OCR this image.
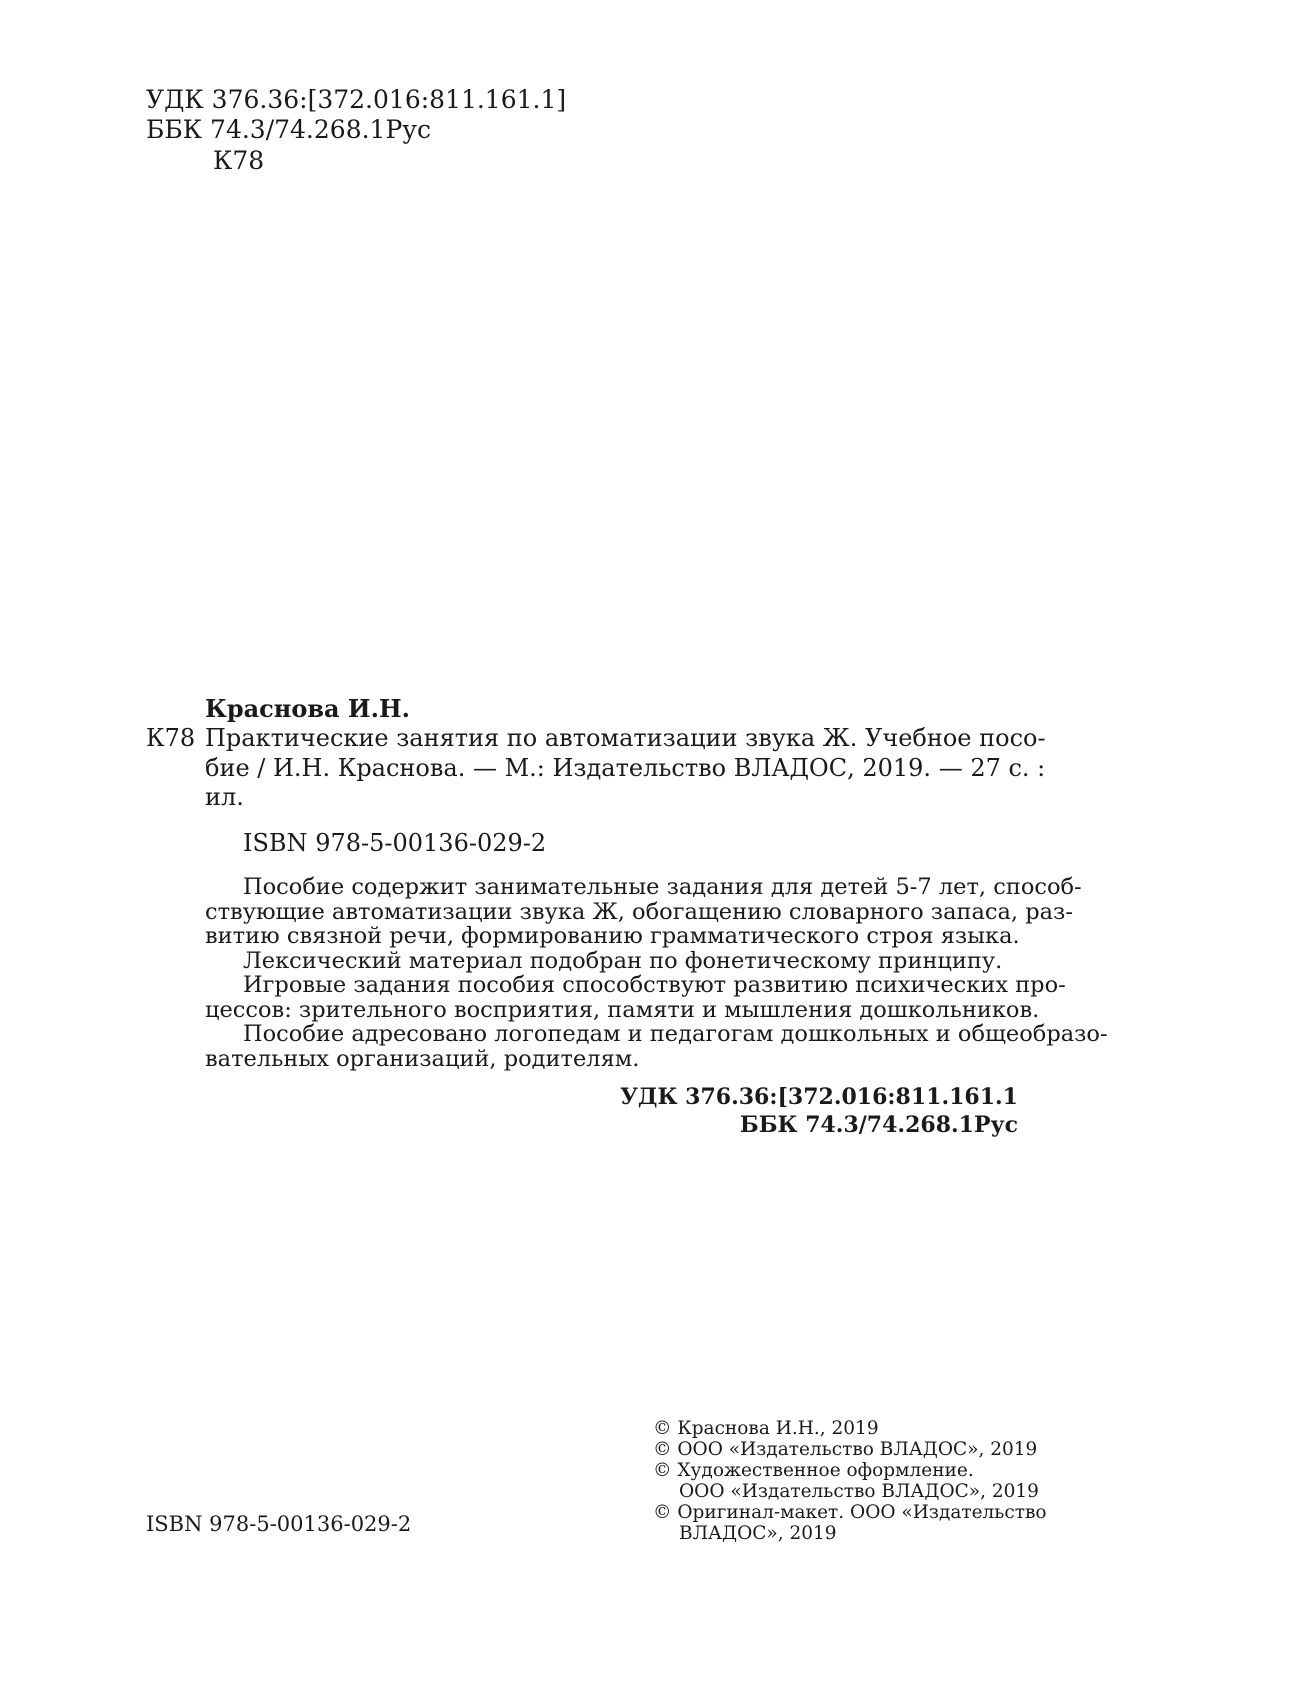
УДК 376.36:[372.016:811.161.1]
ББК 74.3/74.268.1Рус
К78
Краснова И.Н.
К78 Практические занятия по автоматизации звука Ж. Учебное посо-
бие / И.Н. Краснова. — М.: Издательство ВЛАДОС, 2019. — 27 с. :
ил.
ISBN 978-5-00136-029-2
Пособие содержит занимательные задания для детей 5-7 лет, способ-
ствующие автоматизации звука Ж, обогащению словарного запаса, раз-
витию связной речи, формированию грамматического строя языка.
Лексический материал подобран по фонетическому принципу.
Игровые задания пособия способствуют развитию психических про-
цессов: зрительного восприятия, памяти и мышления дошкольников.
Пособие адресовано логопедам и педагогам дошкольных и общеобразо-
вательных организаций, родителям.
УДК 376.36:[372.016:811.161.1
ББК 74.3/74.268.1Рус
ISBN 978-5-00136-029-2
© Краснова И.Н., 2019
© ООО «Издательство ВЛАДОС», 2019
© Художественное оформление.
ООО «Издательство ВЛАДОС», 2019
© Оригинал-макет. ООО «Издательство
ВЛАДОС», 2019
